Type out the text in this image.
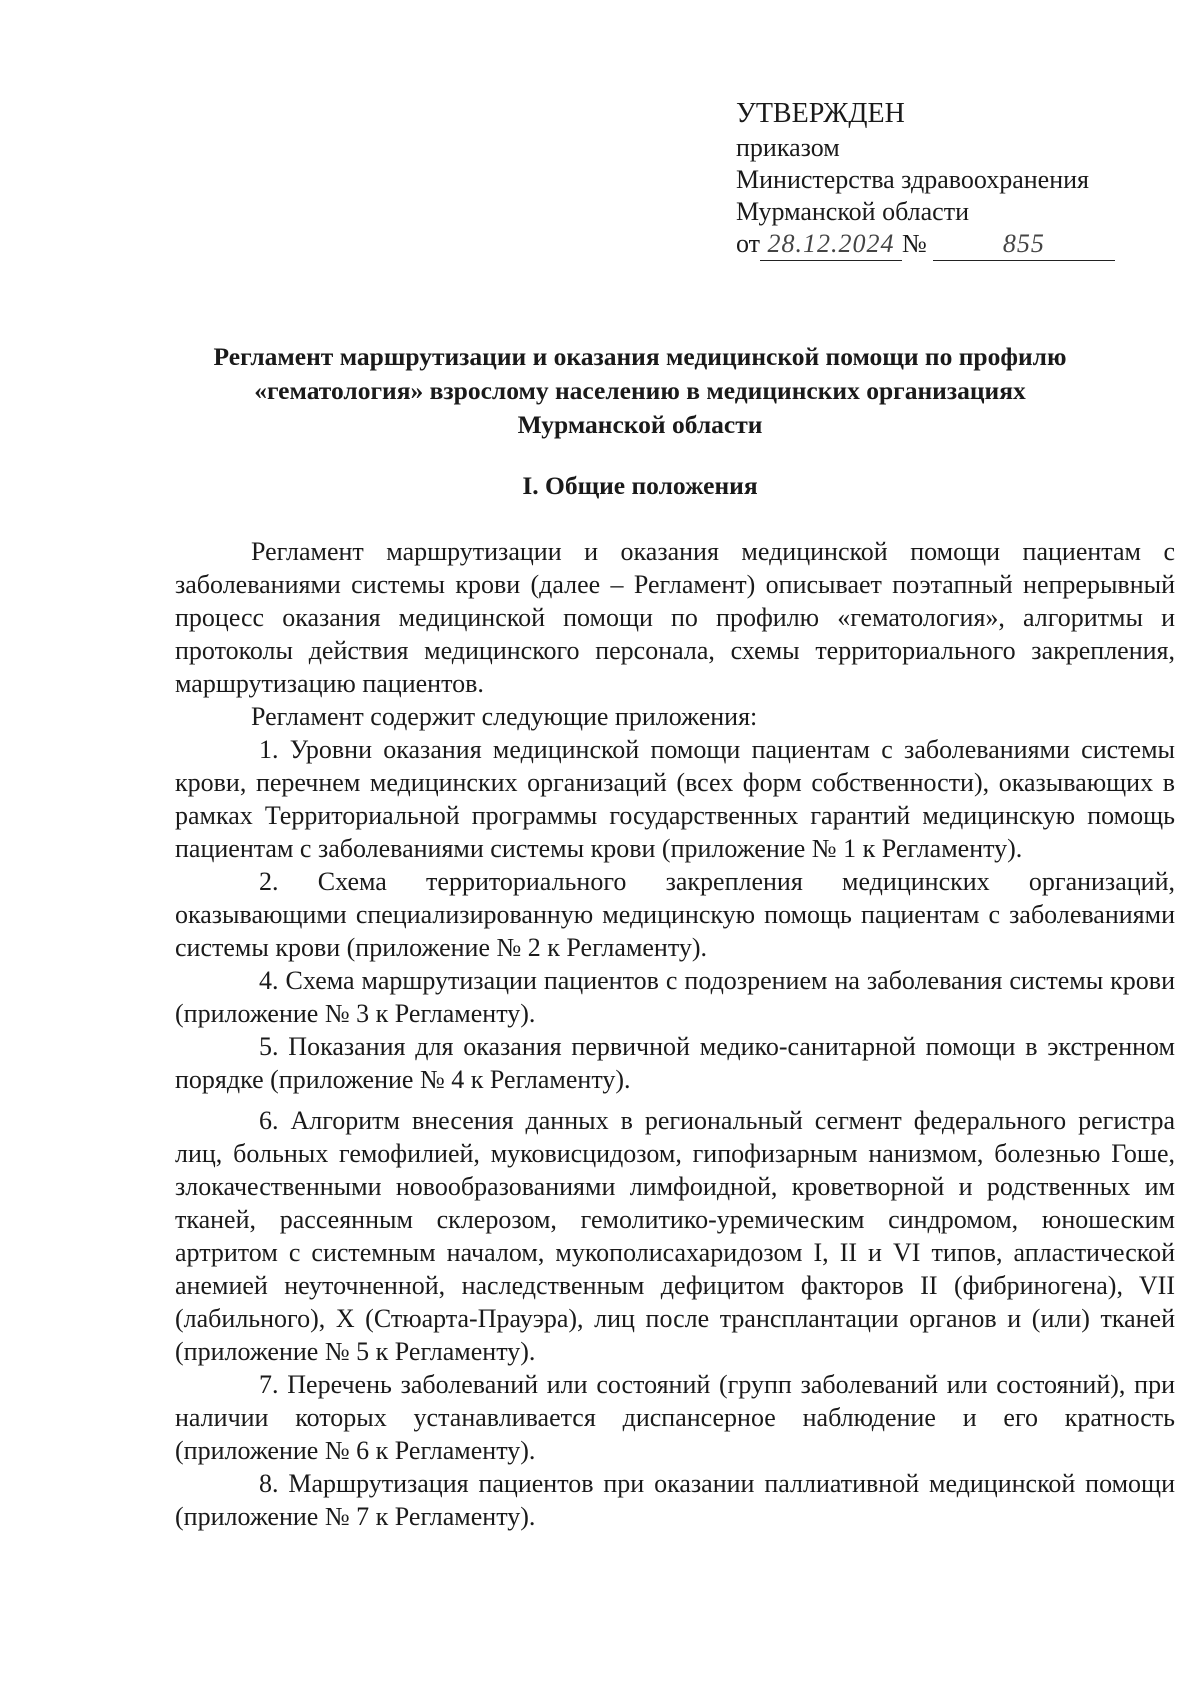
УТВЕРЖДЕН
приказом
Министерства здравоохранения
Мурманской области
от 28.12.2024 №	855
Регламент маршрутизации и оказания медицинской помощи по профилю «гематология» взрослому населению в медицинских организациях Мурманской области
I. Общие положения

Регламент маршрутизации и оказания медицинской помощи пациентам с заболеваниями системы крови (далее – Регламент) описывает поэтапный непрерывный процесс оказания медицинской помощи по профилю «гематология», алгоритмы и протоколы действия медицинского персонала, схемы территориального закрепления, маршрутизацию пациентов.

Регламент содержит следующие приложения:

1. Уровни оказания медицинской помощи пациентам с заболеваниями системы крови, перечнем медицинских организаций (всех форм собственности), оказывающих в рамках Территориальной программы государственных гарантий медицинскую помощь пациентам с заболеваниями системы крови (приложение № 1 к Регламенту).

2. Схема территориального закрепления медицинских организаций, оказывающими специализированную медицинскую помощь пациентам с заболеваниями системы крови (приложение № 2 к Регламенту).

4. Схема маршрутизации пациентов с подозрением на заболевания системы крови (приложение № 3 к Регламенту).

5. Показания для оказания первичной медико-санитарной помощи в экстренном порядке (приложение № 4 к Регламенту).

6. Алгоритм внесения данных в региональный сегмент федерального регистра лиц, больных гемофилией, муковисцидозом, гипофизарным нанизмом, болезнью Гоше, злокачественными новообразованиями лимфоидной, кроветворной и родственных им тканей, рассеянным склерозом, гемолитико-уремическим синдромом, юношеским артритом с системным началом, мукополисахаридозом I, II и VI типов, апластической анемией неуточненной, наследственным дефицитом факторов II (фибриногена), VII (лабильного), X (Стюарта-Прауэра), лиц после трансплантации органов и (или) тканей (приложение № 5 к Регламенту).

7. Перечень заболеваний или состояний (групп заболеваний или состояний), при наличии которых устанавливается диспансерное наблюдение и его кратность (приложение № 6 к Регламенту).

8. Маршрутизация пациентов при оказании паллиативной медицинской помощи (приложение № 7 к Регламенту).
